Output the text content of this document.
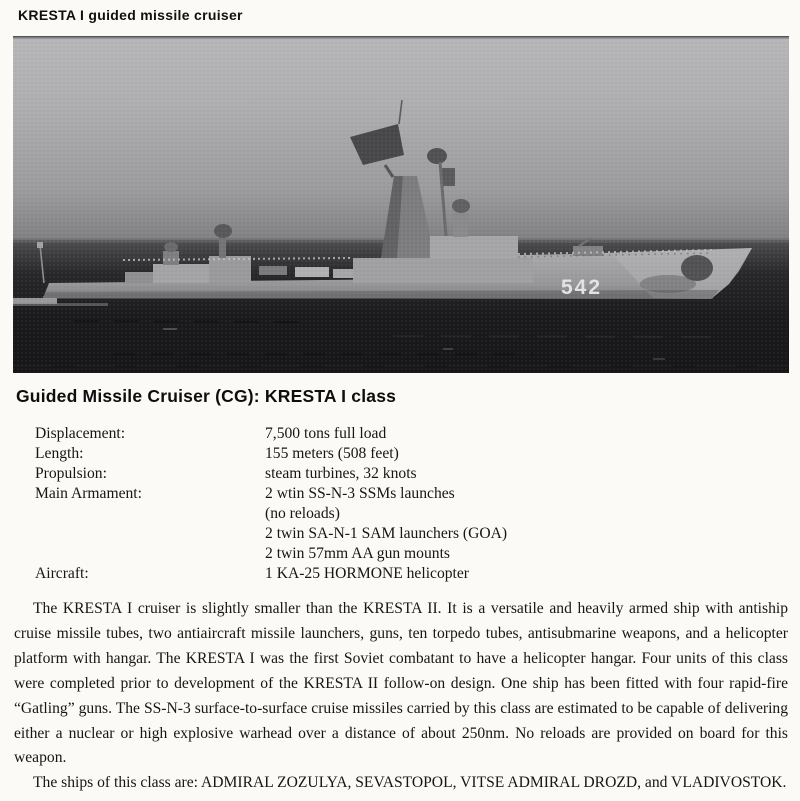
KRESTA I guided missile cruiser
Guided Missile Cruiser (CG): KRESTA I class
Displacement:	7,500 tons full load
Length:	155 meters (508 feet)
Propulsion:	steam turbines, 32 knots
Main Armament:	2 wtin SS-N-3 SSMs launches
(no reloads)
2 twin SA-N-1 SAM launchers (GOA)
2 twin 57mm AA gun mounts
Aircraft:	1 KA-25 HORMONE helicopter

The KRESTA I cruiser is slightly smaller than the KRESTA II. It is a versatile and heavily armed ship with antiship cruise missile tubes, two antiaircraft missile launchers, guns, ten torpedo tubes, antisubmarine weapons, and a helicopter platform with hangar. The KRESTA I was the first Soviet combatant to have a helicopter hangar. Four units of this class were completed prior to development of the KRESTA II follow-on design. One ship has been fitted with four rapid-fire “Gatling” guns. The SS-N-3 surface-to-surface cruise missiles carried by this class are estimated to be capable of delivering either a nuclear or high explosive warhead over a distance of about 250nm. No reloads are provided on board for this weapon.

The ships of this class are: ADMIRAL ZOZULYA, SEVASTOPOL, VITSE ADMIRAL DROZD, and VLADIVOSTOK.
